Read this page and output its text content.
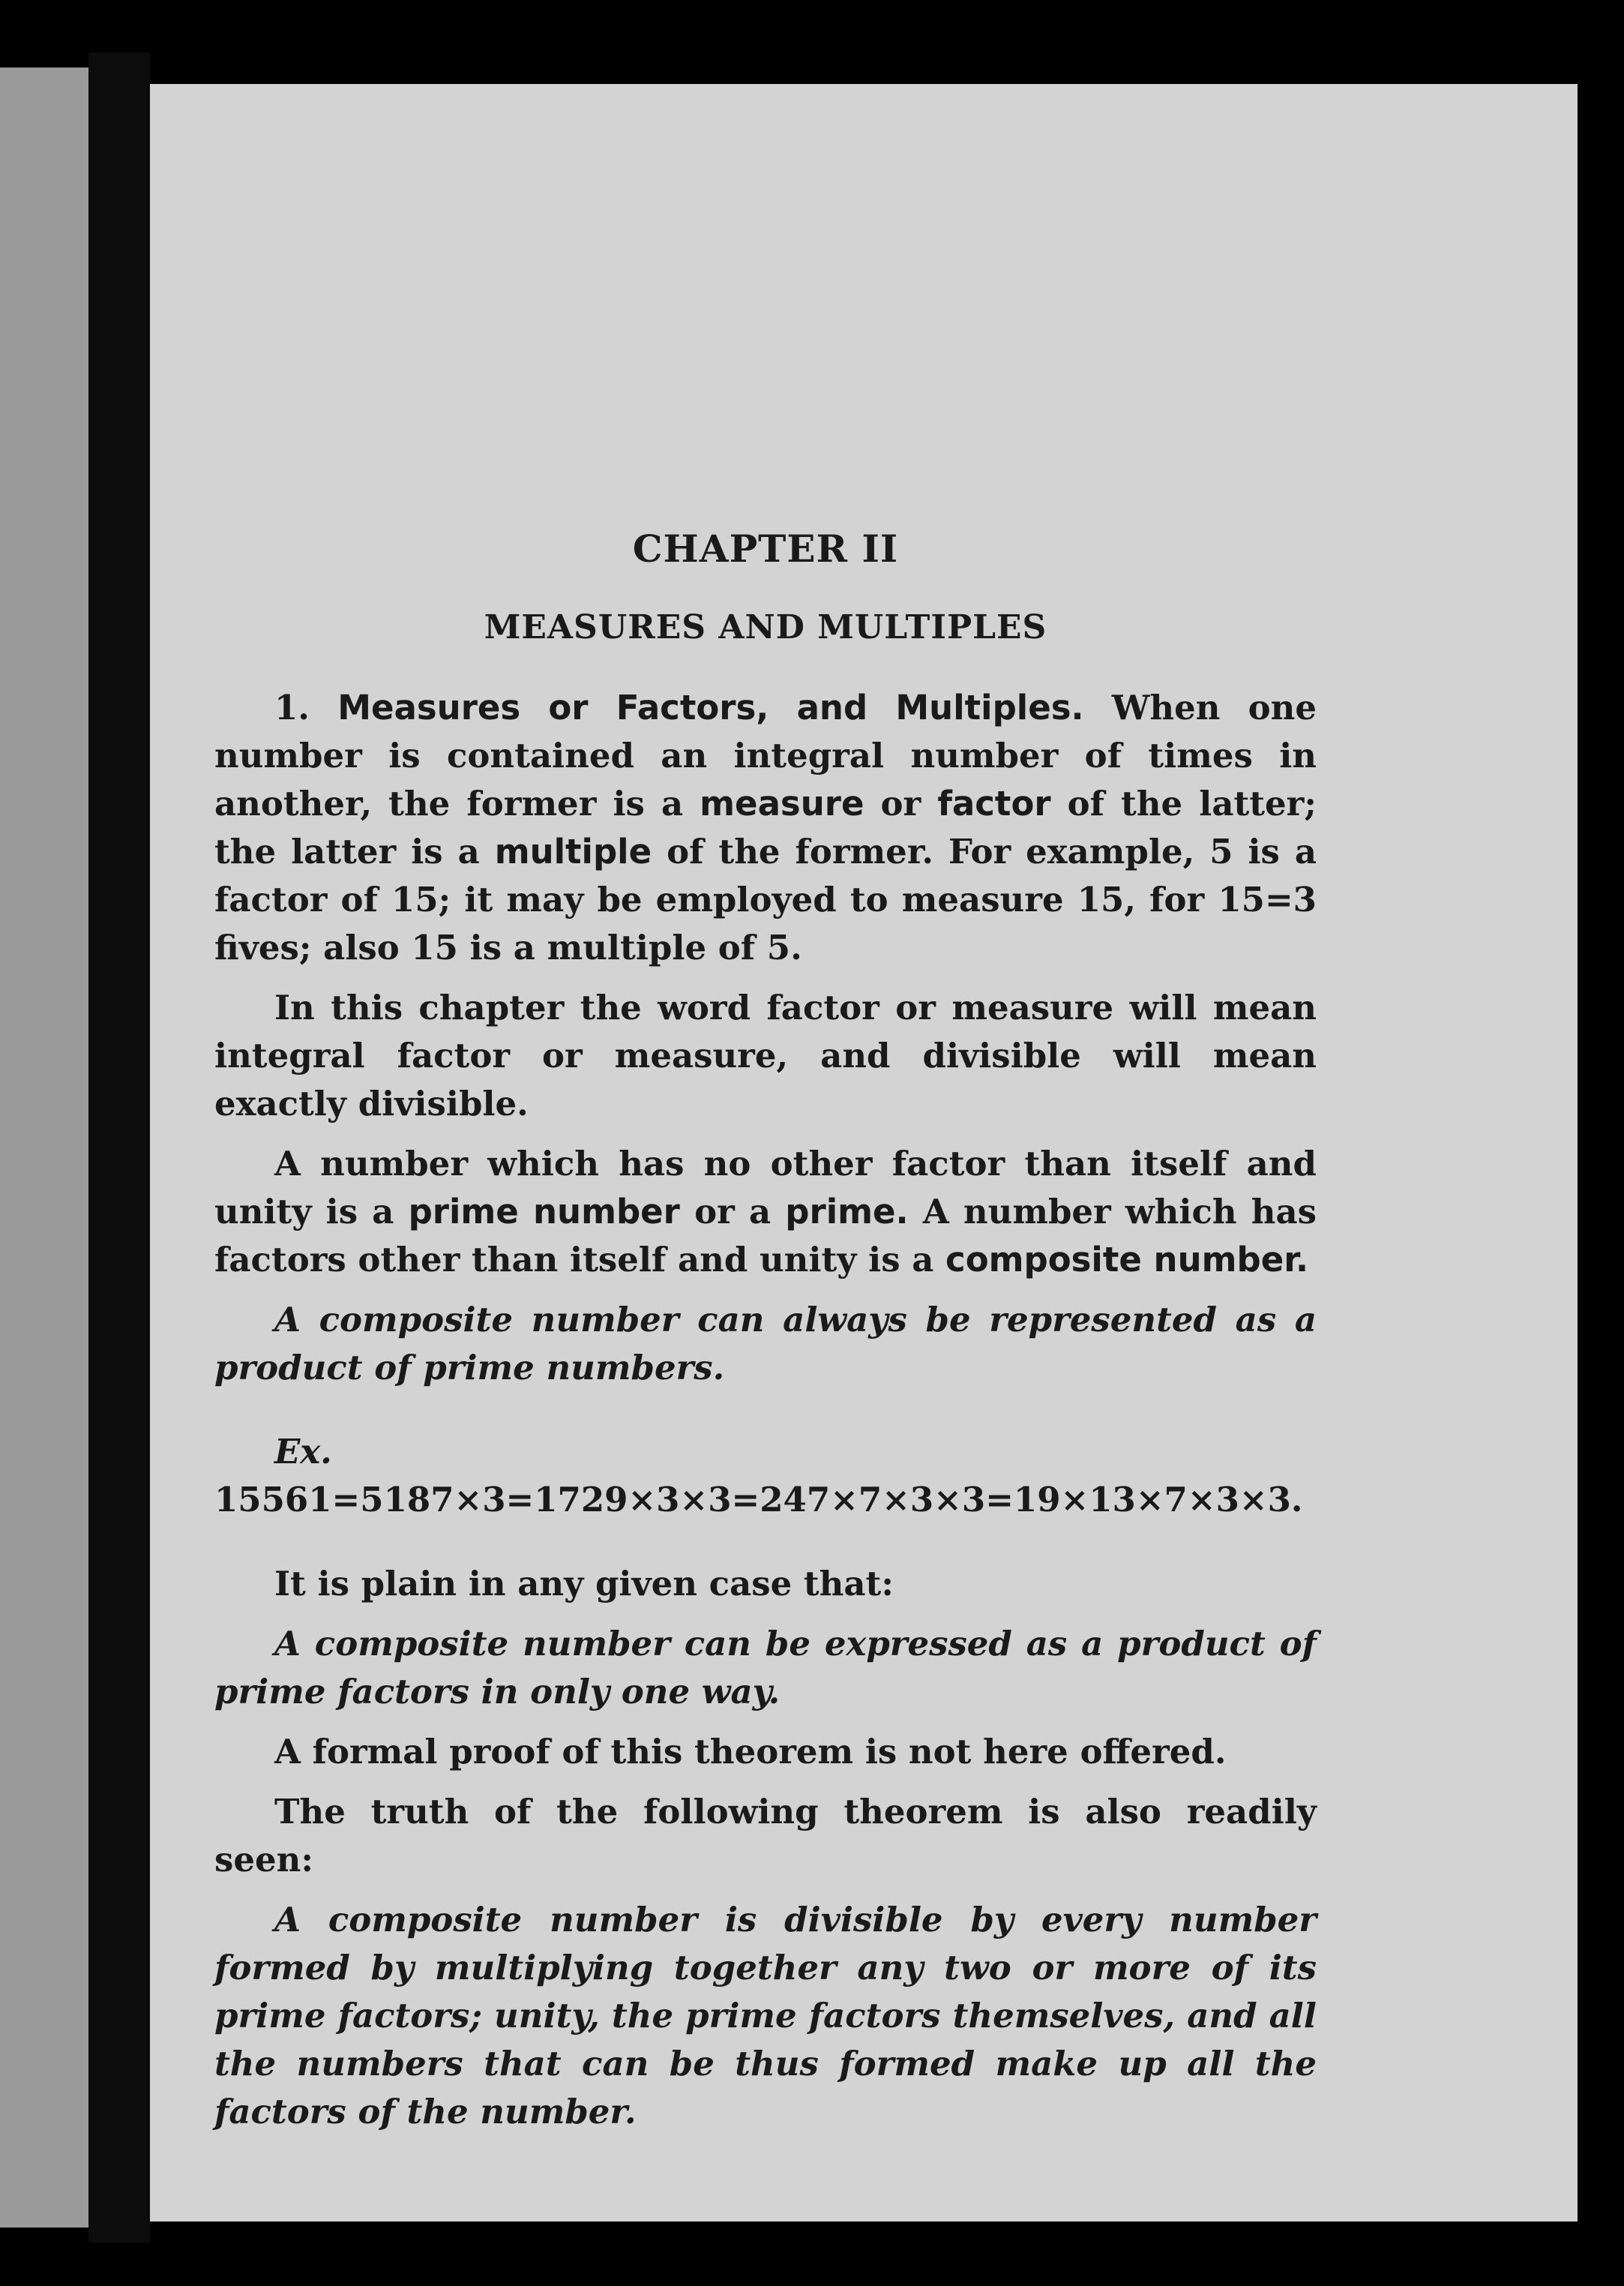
CHAPTER II
MEASURES AND MULTIPLES

1. Measures or Factors, and Multiples. When one number is contained an integral number of times in another, the former is a measure or factor of the latter; the latter is a multiple of the former. For example, 5 is a factor of 15; it may be employed to measure 15, for 15=3 fives; also 15 is a multiple of 5.

In this chapter the word factor or measure will mean integral factor or measure, and divisible will mean exactly divisible.

A number which has no other factor than itself and unity is a prime number or a prime. A number which has factors other than itself and unity is a composite number.

A composite number can always be represented as a product of prime numbers.

Ex. 15561=5187×3=1729×3×3=247×7×3×3=19×13×7×3×3.

It is plain in any given case that:

A composite number can be expressed as a product of prime factors in only one way.

A formal proof of this theorem is not here offered.

The truth of the following theorem is also readily seen:

A composite number is divisible by every number formed by multiplying together any two or more of its prime factors; unity, the prime factors themselves, and all the numbers that can be thus formed make up all the factors of the number.
